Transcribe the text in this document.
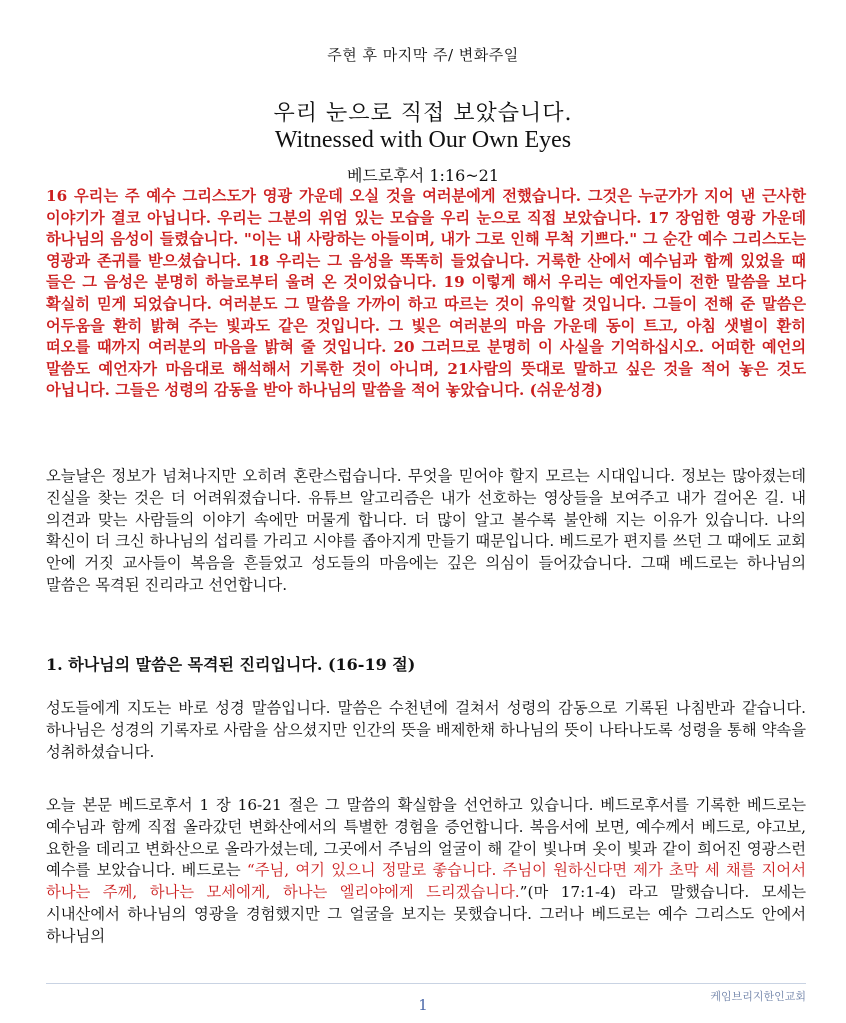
주현 후 마지막 주/ 변화주일
우리 눈으로 직접 보았습니다.
Witnessed with Our Own Eyes
베드로후서 1:16~21
16 우리는 주 예수 그리스도가 영광 가운데 오실 것을 여러분에게 전했습니다. 그것은 누군가가 지어 낸 근사한 이야기가 결코 아닙니다. 우리는 그분의 위엄 있는 모습을 우리 눈으로 직접 보았습니다. 17 장엄한 영광 가운데 하나님의 음성이 들렸습니다. "이는 내 사랑하는 아들이며, 내가 그로 인해 무척 기쁘다." 그 순간 예수 그리스도는 영광과 존귀를 받으셨습니다. 18 우리는 그 음성을 똑똑히 들었습니다. 거룩한 산에서 예수님과 함께 있었을 때 들은 그 음성은 분명히 하늘로부터 울려 온 것이었습니다. 19 이렇게 해서 우리는 예언자들이 전한 말씀을 보다 확실히 믿게 되었습니다. 여러분도 그 말씀을 가까이 하고 따르는 것이 유익할 것입니다. 그들이 전해 준 말씀은 어두움을 환히 밝혀 주는 빛과도 같은 것입니다. 그 빛은 여러분의 마음 가운데 동이 트고, 아침 샛별이 환히 떠오를 때까지 여러분의 마음을 밝혀 줄 것입니다. 20 그러므로 분명히 이 사실을 기억하십시오. 어떠한 예언의 말씀도 예언자가 마음대로 해석해서 기록한 것이 아니며, 21사람의 뜻대로 말하고 싶은 것을 적어 놓은 것도 아닙니다. 그들은 성령의 감동을 받아 하나님의 말씀을 적어 놓았습니다. (쉬운성경)
오늘날은 정보가 넘쳐나지만 오히려 혼란스럽습니다. 무엇을 믿어야 할지 모르는 시대입니다. 정보는 많아졌는데 진실을 찾는 것은 더 어려워졌습니다. 유튜브 알고리즘은 내가 선호하는 영상들을 보여주고 내가 걸어온 길. 내 의견과 맞는 사람들의 이야기 속에만 머물게 합니다. 더 많이 알고 볼수록 불안해 지는 이유가 있습니다. 나의 확신이 더 크신 하나님의 섭리를 가리고 시야를 좁아지게 만들기 때문입니다. 베드로가 편지를 쓰던 그 때에도 교회 안에 거짓 교사들이 복음을 흔들었고 성도들의 마음에는 깊은 의심이 들어갔습니다. 그때 베드로는 하나님의 말씀은 목격된 진리라고 선언합니다.
1. 하나님의 말씀은 목격된 진리입니다. (16-19 절)
성도들에게 지도는 바로 성경 말씀입니다. 말씀은 수천년에 걸쳐서 성령의 감동으로 기록된 나침반과 같습니다. 하나님은 성경의 기록자로 사람을 삼으셨지만 인간의 뜻을 배제한채 하나님의 뜻이 나타나도록 성령을 통해 약속을 성취하셨습니다.
오늘 본문 베드로후서 1 장 16-21 절은 그 말씀의 확실함을 선언하고 있습니다. 베드로후서를 기록한 베드로는 예수님과 함께 직접 올라갔던 변화산에서의 특별한 경험을 증언합니다. 복음서에 보면, 예수께서 베드로, 야고보, 요한을 데리고 변화산으로 올라가셨는데, 그곳에서 주님의 얼굴이 해 같이 빛나며 옷이 빛과 같이 희어진 영광스런 예수를 보았습니다. 베드로는 “주님, 여기 있으니 정말로 좋습니다. 주님이 원하신다면 제가 초막 세 채를 지어서 하나는 주께, 하나는 모세에게, 하나는 엘리야에게 드리겠습니다.”(마 17:1-4) 라고 말했습니다. 모세는 시내산에서 하나님의 영광을 경험했지만 그 얼굴을 보지는 못했습니다. 그러나 베드로는 예수 그리스도 안에서 하나님의
케임브리지한인교회
1
